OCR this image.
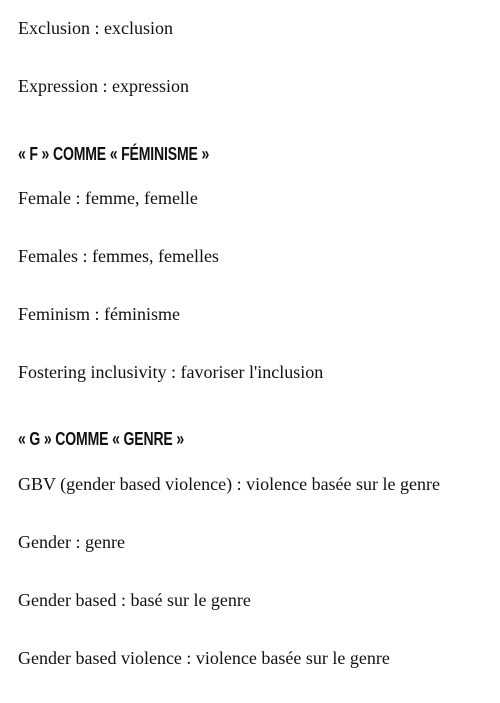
Exclusion : exclusion
Expression : expression
« F » COMME « FÉMINISME »
Female : femme, femelle
Females : femmes, femelles
Feminism : féminisme
Fostering inclusivity : favoriser l'inclusion
« G » COMME « GENRE »
GBV (gender based violence) : violence basée sur le genre
Gender : genre
Gender based : basé sur le genre
Gender based violence : violence basée sur le genre
